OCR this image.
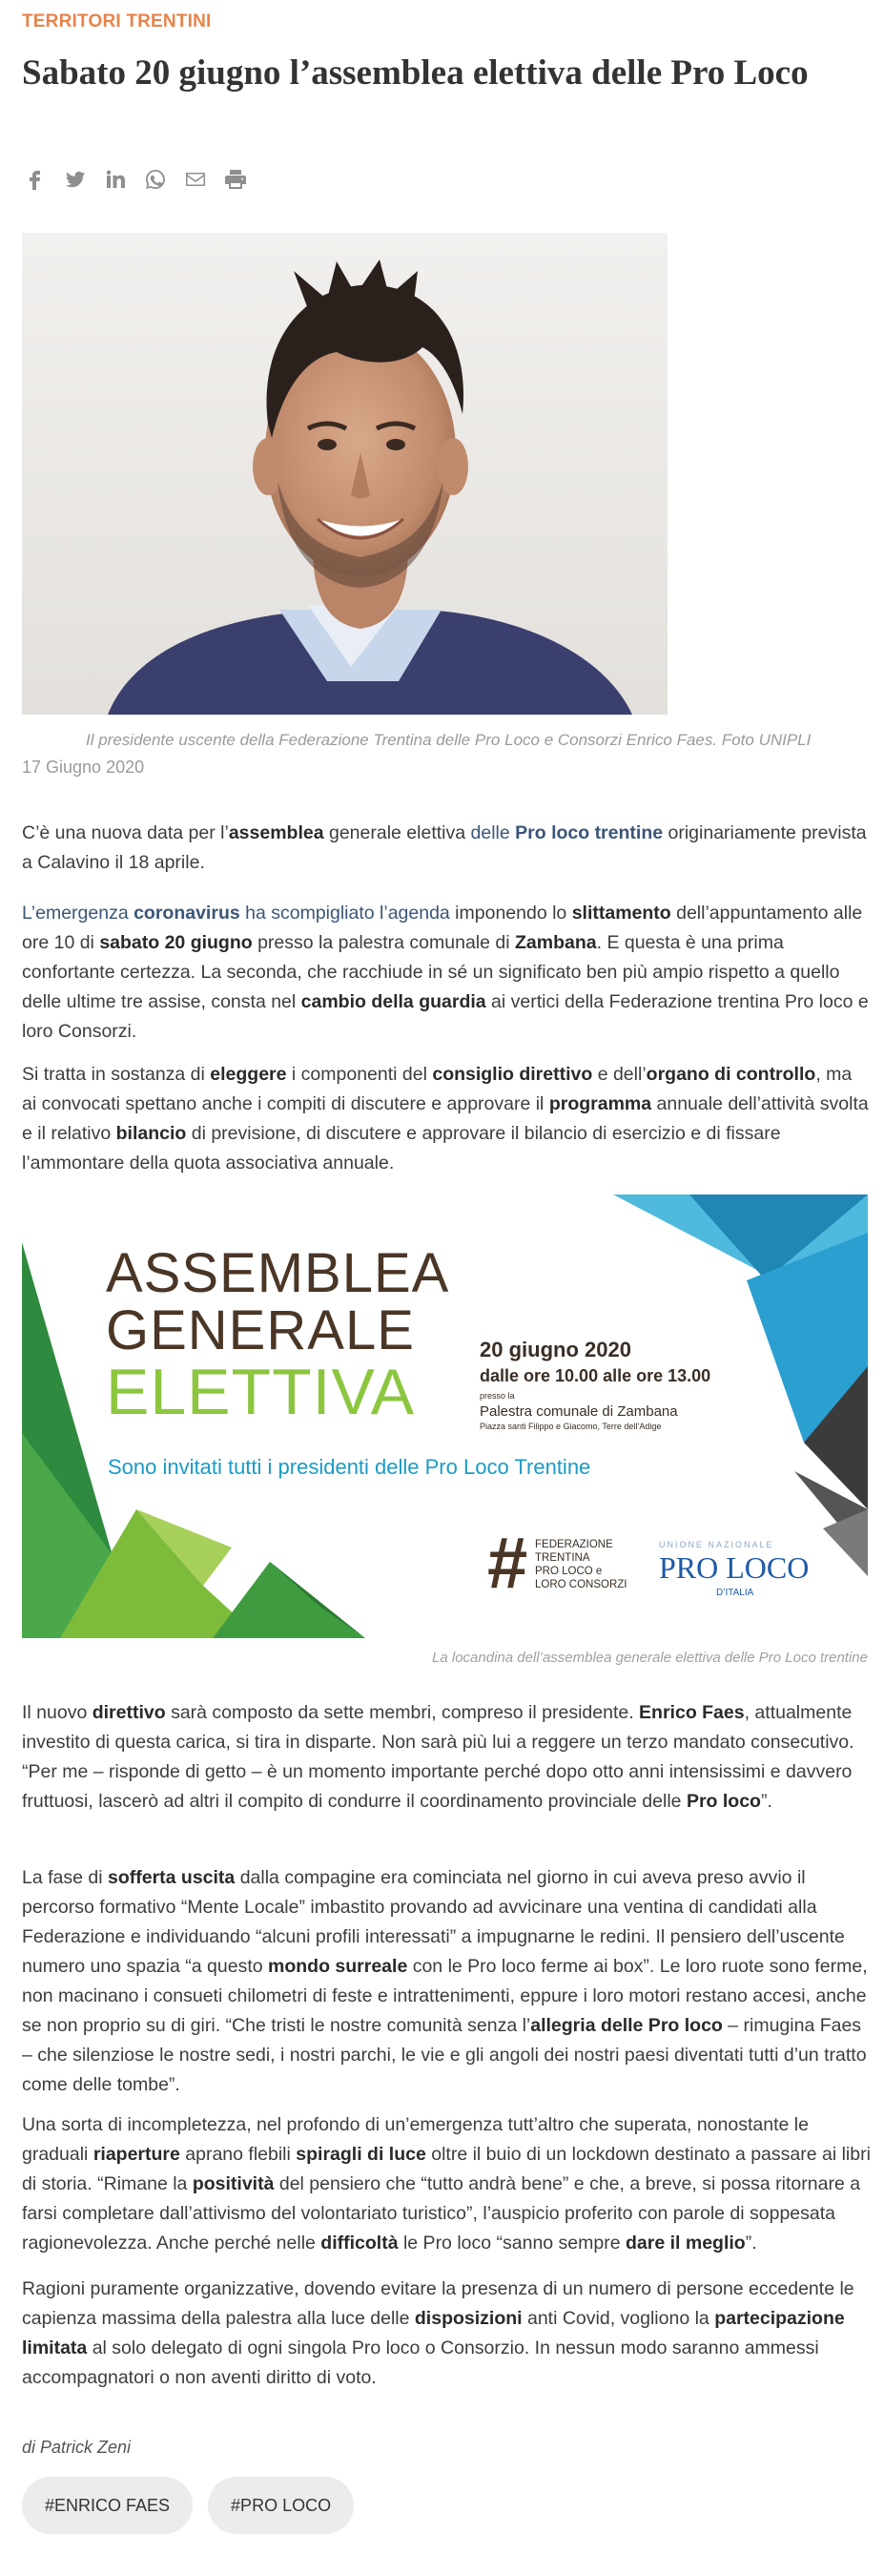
TERRITORI TRENTINI
Sabato 20 giugno l’assemblea elettiva delle Pro Loco
Il presidente uscente della Federazione Trentina delle Pro Loco e Consorzi Enrico Faes. Foto UNIPLI
17 Giugno 2020

C’è una nuova data per l’assemblea generale elettiva delle Pro loco trentine originariamente prevista a Calavino il 18 aprile.

L’emergenza coronavirus ha scompigliato l’agenda imponendo lo slittamento dell’appuntamento alle ore 10 di sabato 20 giugno presso la palestra comunale di Zambana. E questa è una prima confortante certezza. La seconda, che racchiude in sé un significato ben più ampio rispetto a quello delle ultime tre assise, consta nel cambio della guardia ai vertici della Federazione trentina Pro loco e loro Consorzi.

Si tratta in sostanza di eleggere i componenti del consiglio direttivo e dell’organo di controllo, ma ai convocati spettano anche i compiti di discutere e approvare il programma annuale dell’attività svolta e il relativo bilancio di previsione, di discutere e approvare il bilancio di esercizio e di fissare l’ammontare della quota associativa annuale.

ASSEMBLEA
GENERALE
ELETTIVA
Sono invitati tutti i presidenti delle Pro Loco Trentine
20 giugno 2020
dalle ore 10.00 alle ore 13.00
presso la
Palestra comunale di Zambana
Piazza santi Filippo e Giacomo, Terre dell’Adige
# FEDERAZIONE
TRENTINA
PRO LOCO e
LORO CONSORZI
UNIONE NAZIONALE
PRO LOCO
D’ITALIA
La locandina dell’assemblea generale elettiva delle Pro Loco trentine

Il nuovo direttivo sarà composto da sette membri, compreso il presidente. Enrico Faes, attualmente investito di questa carica, si tira in disparte. Non sarà più lui a reggere un terzo mandato consecutivo. “Per me – risponde di getto – è un momento importante perché dopo otto anni intensissimi e davvero fruttuosi, lascerò ad altri il compito di condurre il coordinamento provinciale delle Pro loco”.

La fase di sofferta uscita dalla compagine era cominciata nel giorno in cui aveva preso avvio il percorso formativo “Mente Locale” imbastito provando ad avvicinare una ventina di candidati alla Federazione e individuando “alcuni profili interessati” a impugnarne le redini. Il pensiero dell’uscente numero uno spazia “a questo mondo surreale con le Pro loco ferme ai box”. Le loro ruote sono ferme, non macinano i consueti chilometri di feste e intrattenimenti, eppure i loro motori restano accesi, anche se non proprio su di giri. “Che tristi le nostre comunità senza l’allegria delle Pro loco – rimugina Faes – che silenziose le nostre sedi, i nostri parchi, le vie e gli angoli dei nostri paesi diventati tutti d’un tratto come delle tombe”.

Una sorta di incompletezza, nel profondo di un’emergenza tutt’altro che superata, nonostante le graduali riaperture aprano flebili spiragli di luce oltre il buio di un lockdown destinato a passare ai libri di storia. “Rimane la positività del pensiero che “tutto andrà bene” e che, a breve, si possa ritornare a farsi completare dall’attivismo del volontariato turistico”, l’auspicio proferito con parole di soppesata ragionevolezza. Anche perché nelle difficoltà le Pro loco “sanno sempre dare il meglio”.

Ragioni puramente organizzative, dovendo evitare la presenza di un numero di persone eccedente le capienza massima della palestra alla luce delle disposizioni anti Covid, vogliono la partecipazione limitata al solo delegato di ogni singola Pro loco o Consorzio. In nessun modo saranno ammessi accompagnatori o non aventi diritto di voto.

di Patrick Zeni
#ENRICO FAES	#PRO LOCO
